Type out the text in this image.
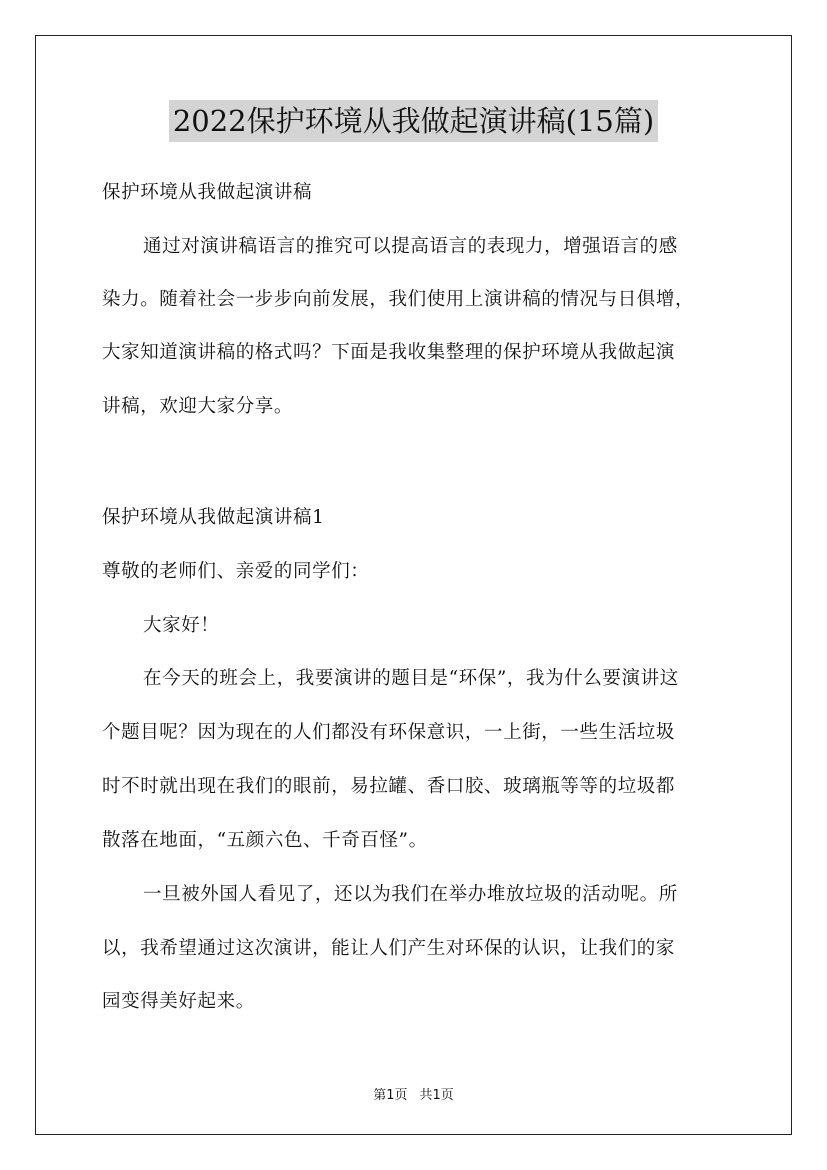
2022保护环境从我做起演讲稿(15篇)
保护环境从我做起演讲稿
通过对演讲稿语言的推究可以提高语言的表现力，增强语言的感
染力。随着社会一步步向前发展，我们使用上演讲稿的情况与日俱增，
大家知道演讲稿的格式吗？下面是我收集整理的保护环境从我做起演
讲稿，欢迎大家分享。
保护环境从我做起演讲稿1
尊敬的老师们、亲爱的同学们：
大家好！
在今天的班会上，我要演讲的题目是“环保”，我为什么要演讲这
个题目呢？因为现在的人们都没有环保意识，一上街，一些生活垃圾
时不时就出现在我们的眼前，易拉罐、香口胶、玻璃瓶等等的垃圾都
散落在地面，“五颜六色、千奇百怪”。
一旦被外国人看见了，还以为我们在举办堆放垃圾的活动呢。所
以，我希望通过这次演讲，能让人们产生对环保的认识，让我们的家
园变得美好起来。
第1页 共1页
